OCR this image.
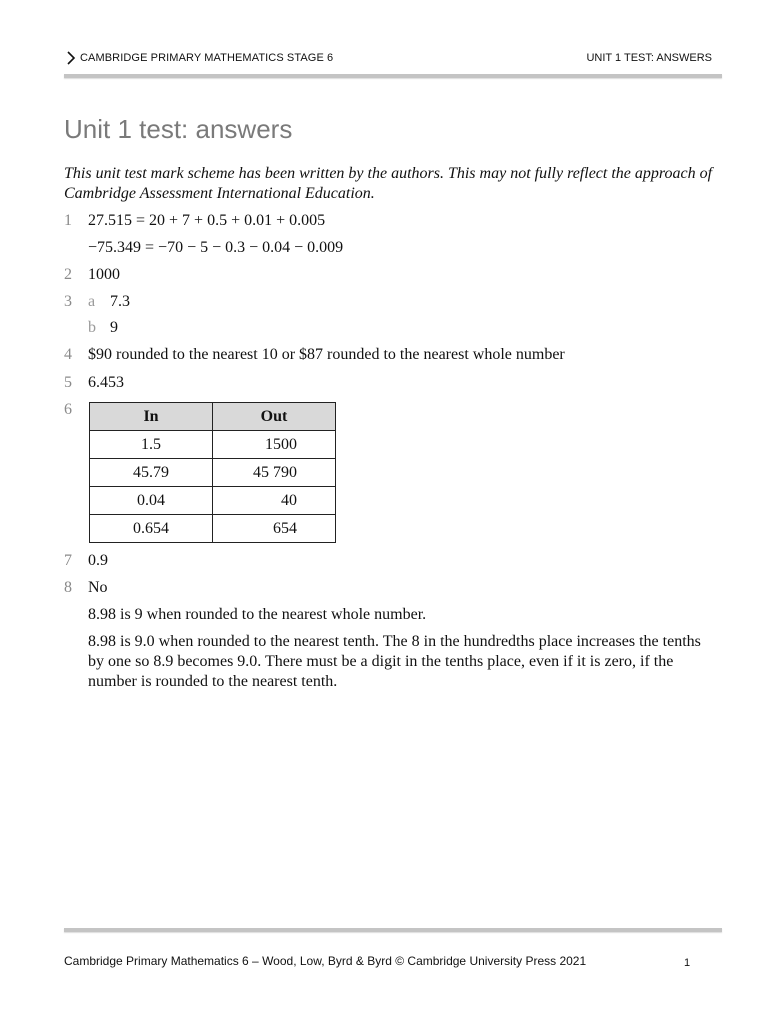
CAMBRIDGE PRIMARY MATHEMATICS STAGE 6	UNIT 1 TEST: ANSWERS
Unit 1 test: answers
This unit test mark scheme has been written by the authors. This may not fully reflect the approach of Cambridge Assessment International Education.
1	27.515 = 20 + 7 + 0.5 + 0.01 + 0.005
−75.349 = −70 − 5 − 0.3 − 0.04 − 0.009
2	1000
3	a 7.3
b 9
4	$90 rounded to the nearest 10 or $87 rounded to the nearest whole number
5	6.453
6	In	Out
1.5	1500
45.79	45 790
0.04	40
0.654	654
7	0.9
8	No
8.98 is 9 when rounded to the nearest whole number.
8.98 is 9.0 when rounded to the nearest tenth. The 8 in the hundredths place increases the tenths by one so 8.9 becomes 9.0. There must be a digit in the tenths place, even if it is zero, if the number is rounded to the nearest tenth.
Cambridge Primary Mathematics 6 – Wood, Low, Byrd & Byrd © Cambridge University Press 2021	1
